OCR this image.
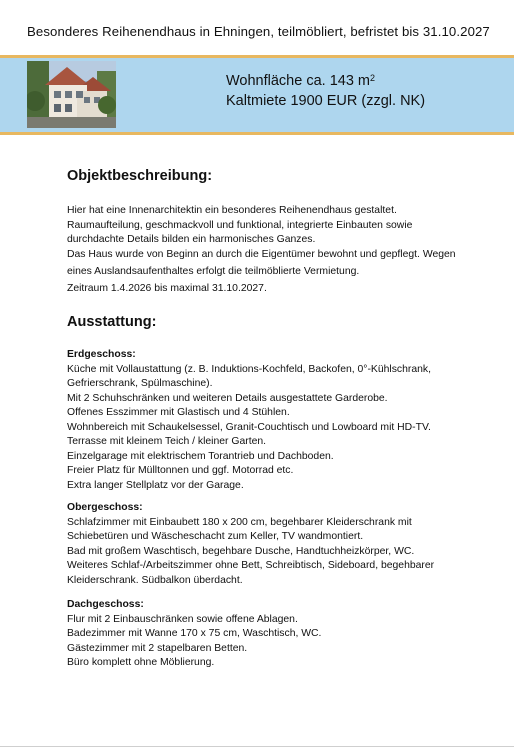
Besonderes Reihenendhaus in Ehningen, teilmöbliert, befristet bis 31.10.2027
Wohnfläche ca. 143 $m^2$
Kaltmiete 1900 EUR (zzgl. NK)
Objektbeschreibung:
Hier hat eine Innenarchitektin ein besonderes Reihenendhaus gestaltet.
Raumaufteilung, geschmackvoll und funktional, integrierte Einbauten sowie
durchdachte Details bilden ein harmonisches Ganzes.
Das Haus wurde von Beginn an durch die Eigentümer bewohnt und gepflegt. Wegen
eines Auslandsaufenthaltes erfolgt die teilmöblierte Vermietung.
Zeitraum 1.4.2026 bis maximal 31.10.2027.
Ausstattung:
Erdgeschoss:
Küche mit Vollaustattung (z. B. Induktions-Kochfeld, Backofen, 0°-Kühlschrank,
Gefrierschrank, Spülmaschine).
Mit 2 Schuhschränken und weiteren Details ausgestattete Garderobe.
Offenes Esszimmer mit Glastisch und 4 Stühlen.
Wohnbereich mit Schaukelsessel, Granit-Couchtisch und Lowboard mit HD-TV.
Terrasse mit kleinem Teich / kleiner Garten.
Einzelgarage mit elektrischem Torantrieb und Dachboden.
Freier Platz für Mülltonnen und ggf. Motorrad etc.
Extra langer Stellplatz vor der Garage.
Obergeschoss:
Schlafzimmer mit Einbaubett 180 x 200 cm, begehbarer Kleiderschrank mit
Schiebetüren und Wäscheschacht zum Keller, TV wandmontiert.
Bad mit großem Waschtisch, begehbare Dusche, Handtuchheizkörper, WC.
Weiteres Schlaf-/Arbeitszimmer ohne Bett, Schreibtisch, Sideboard, begehbarer
Kleiderschrank. Südbalkon überdacht.
Dachgeschoss:
Flur mit 2 Einbauschränken sowie offene Ablagen.
Badezimmer mit Wanne 170 x 75 cm, Waschtisch, WC.
Gästezimmer mit 2 stapelbaren Betten.
Büro komplett ohne Möblierung.
